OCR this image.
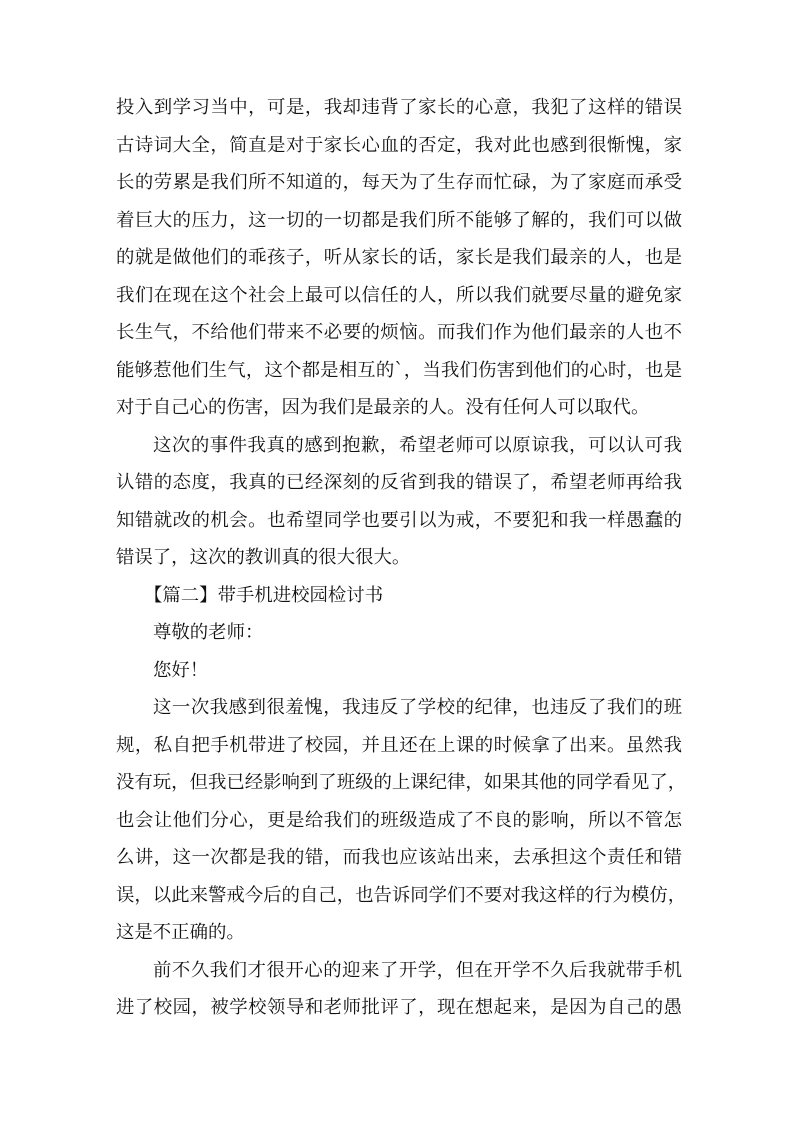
投入到学习当中，可是，我却违背了家长的心意，我犯了这样的错误
古诗词大全，简直是对于家长心血的否定，我对此也感到很惭愧，家
长的劳累是我们所不知道的，每天为了生存而忙碌，为了家庭而承受
着巨大的压力，这一切的一切都是我们所不能够了解的，我们可以做
的就是做他们的乖孩子，听从家长的话，家长是我们最亲的人，也是
我们在现在这个社会上最可以信任的人，所以我们就要尽量的避免家
长生气，不给他们带来不必要的烦恼。而我们作为他们最亲的人也不
能够惹他们生气，这个都是相互的`，当我们伤害到他们的心时，也是
对于自己心的伤害，因为我们是最亲的人。没有任何人可以取代。
这次的事件我真的感到抱歉，希望老师可以原谅我，可以认可我
认错的态度，我真的已经深刻的反省到我的错误了，希望老师再给我
知错就改的机会。也希望同学也要引以为戒，不要犯和我一样愚蠢的
错误了，这次的教训真的很大很大。
【篇二】带手机进校园检讨书
尊敬的老师：
您好！
这一次我感到很羞愧，我违反了学校的纪律，也违反了我们的班
规，私自把手机带进了校园，并且还在上课的时候拿了出来。虽然我
没有玩，但我已经影响到了班级的上课纪律，如果其他的同学看见了，
也会让他们分心，更是给我们的班级造成了不良的影响，所以不管怎
么讲，这一次都是我的错，而我也应该站出来，去承担这个责任和错
误，以此来警戒今后的自己，也告诉同学们不要对我这样的行为模仿，
这是不正确的。
前不久我们才很开心的迎来了开学，但在开学不久后我就带手机
进了校园，被学校领导和老师批评了，现在想起来，是因为自己的愚
